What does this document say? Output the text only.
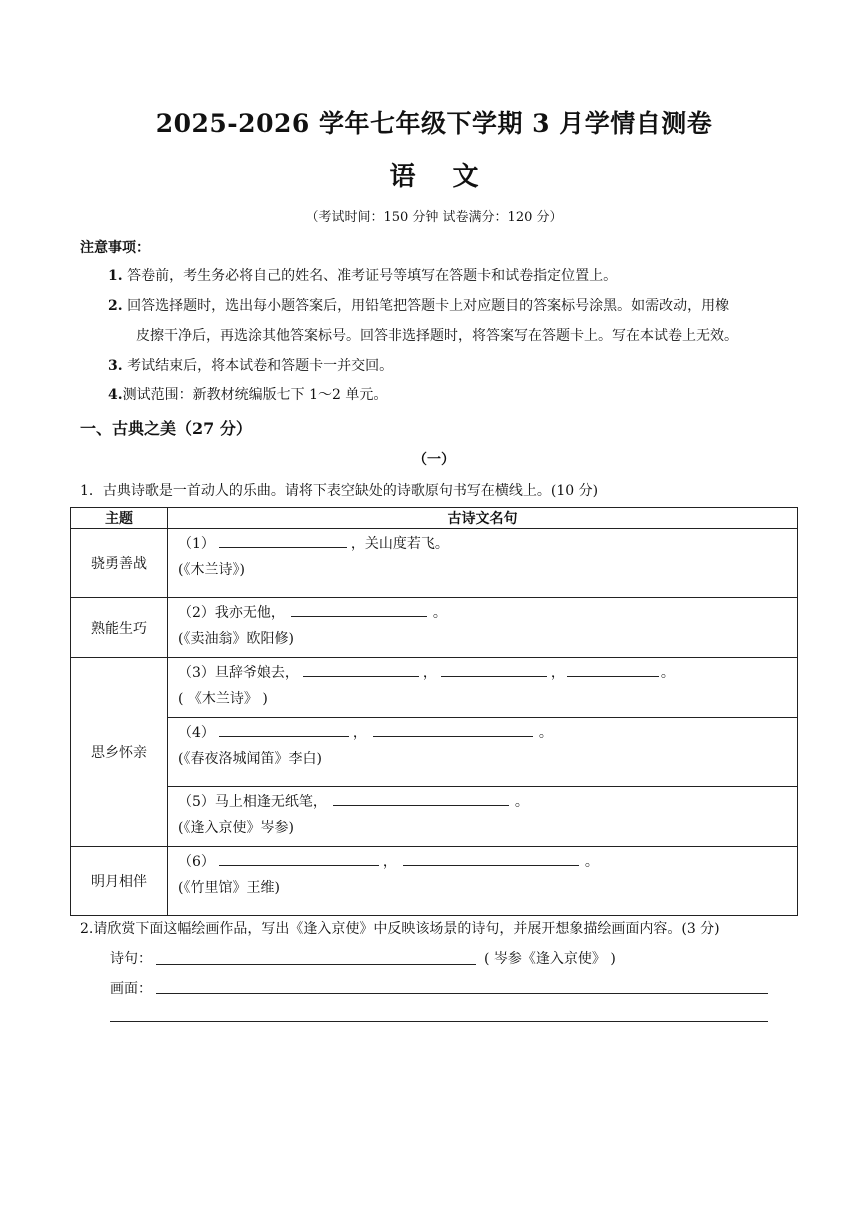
2025-2026 学年七年级下学期 3 月学情自测卷
语 文
（考试时间：150 分钟 试卷满分：120 分）
注意事项：
1. 答卷前，考生务必将自己的姓名、准考证号等填写在答题卡和试卷指定位置上。
2. 回答选择题时，选出每小题答案后，用铅笔把答题卡上对应题目的答案标号涂黑。如需改动，用橡
皮擦干净后，再选涂其他答案标号。回答非选择题时，将答案写在答题卡上。写在本试卷上无效。
3. 考试结束后，将本试卷和答题卡一并交回。
4.测试范围：新教材统编版七下 1～2 单元。
一、古典之美（27 分）
（一）
1．古典诗歌是一首动人的乐曲。请将下表空缺处的诗歌原句书写在横线上。(10 分)
主题	古诗文名句
骁勇善战	（1） ，关山度若飞。
(《木兰诗》)

熟能生巧	（2）我亦无他， 。
(《卖油翁》欧阳修)

思乡怀亲	（3）旦辞爷娘去， ， ， 。
( 《木兰诗》 )

	（4） ， 。
(《春夜洛城闻笛》李白)

	（5）马上相逢无纸笔， 。
(《逢入京使》岑参)

明月相伴	（6） ， 。
(《竹里馆》王维)
2.请欣赏下面这幅绘画作品，写出《逢入京使》中反映该场景的诗句，并展开想象描绘画面内容。(3 分)
诗句：	( 岑参《逢入京使》 )
画面：
